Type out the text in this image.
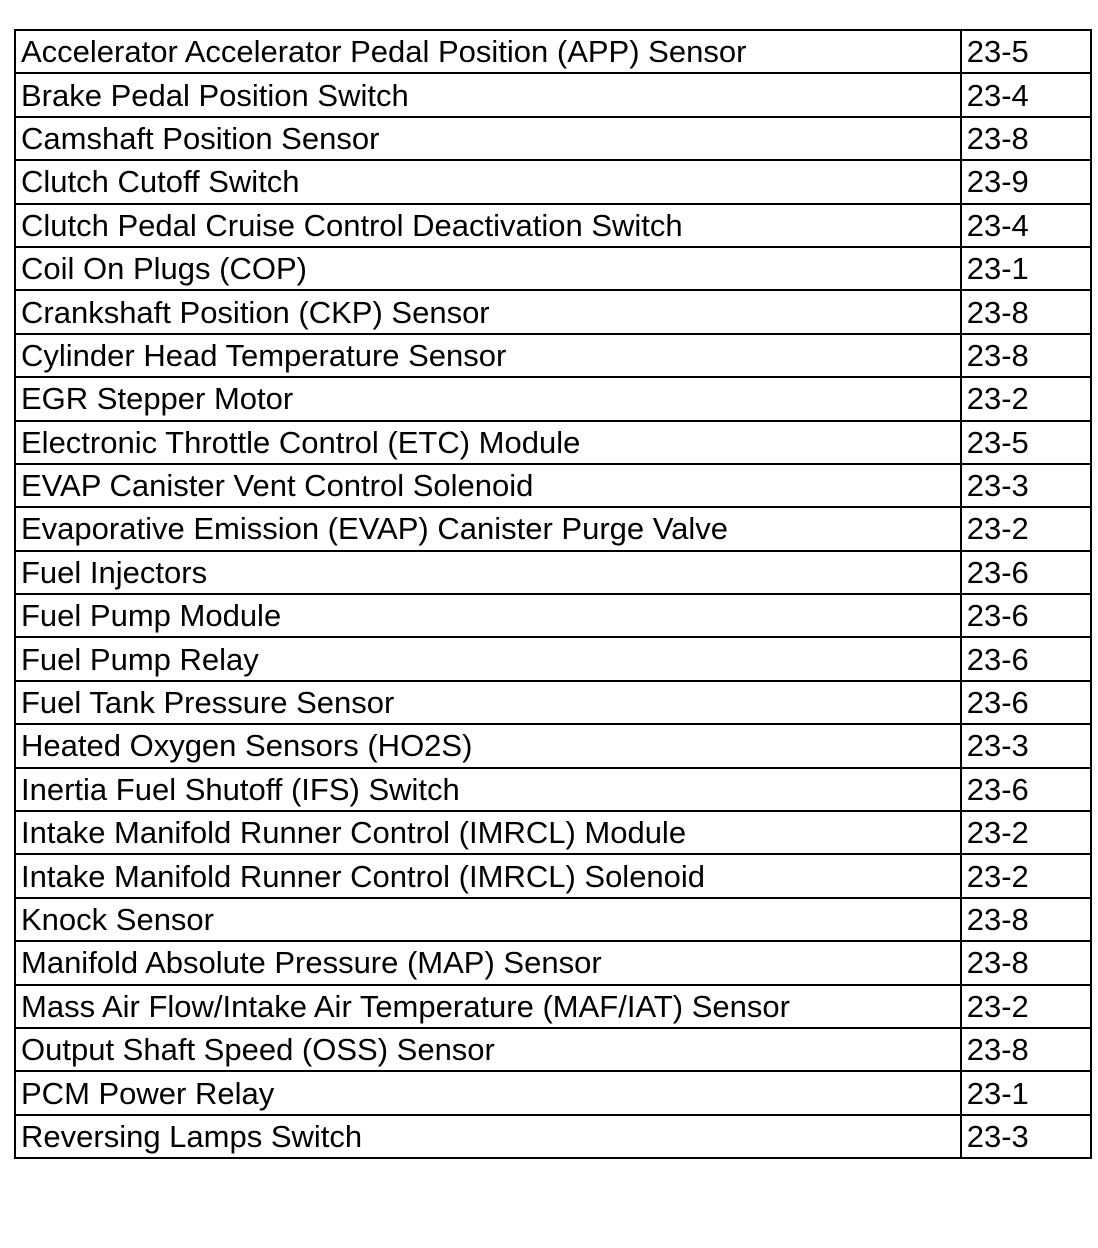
Accelerator Accelerator Pedal Position (APP) Sensor	23-5
Brake Pedal Position Switch	23-4
Camshaft Position Sensor	23-8
Clutch Cutoff Switch	23-9
Clutch Pedal Cruise Control Deactivation Switch	23-4
Coil On Plugs (COP)	23-1
Crankshaft Position (CKP) Sensor	23-8
Cylinder Head Temperature Sensor	23-8
EGR Stepper Motor	23-2
Electronic Throttle Control (ETC) Module	23-5
EVAP Canister Vent Control Solenoid	23-3
Evaporative Emission (EVAP) Canister Purge Valve	23-2
Fuel Injectors	23-6
Fuel Pump Module	23-6
Fuel Pump Relay	23-6
Fuel Tank Pressure Sensor	23-6
Heated Oxygen Sensors (HO2S)	23-3
Inertia Fuel Shutoff (IFS) Switch	23-6
Intake Manifold Runner Control (IMRCL) Module	23-2
Intake Manifold Runner Control (IMRCL) Solenoid	23-2
Knock Sensor	23-8
Manifold Absolute Pressure (MAP) Sensor	23-8
Mass Air Flow/Intake Air Temperature (MAF/IAT) Sensor	23-2
Output Shaft Speed (OSS) Sensor	23-8
PCM Power Relay	23-1
Reversing Lamps Switch	23-3
